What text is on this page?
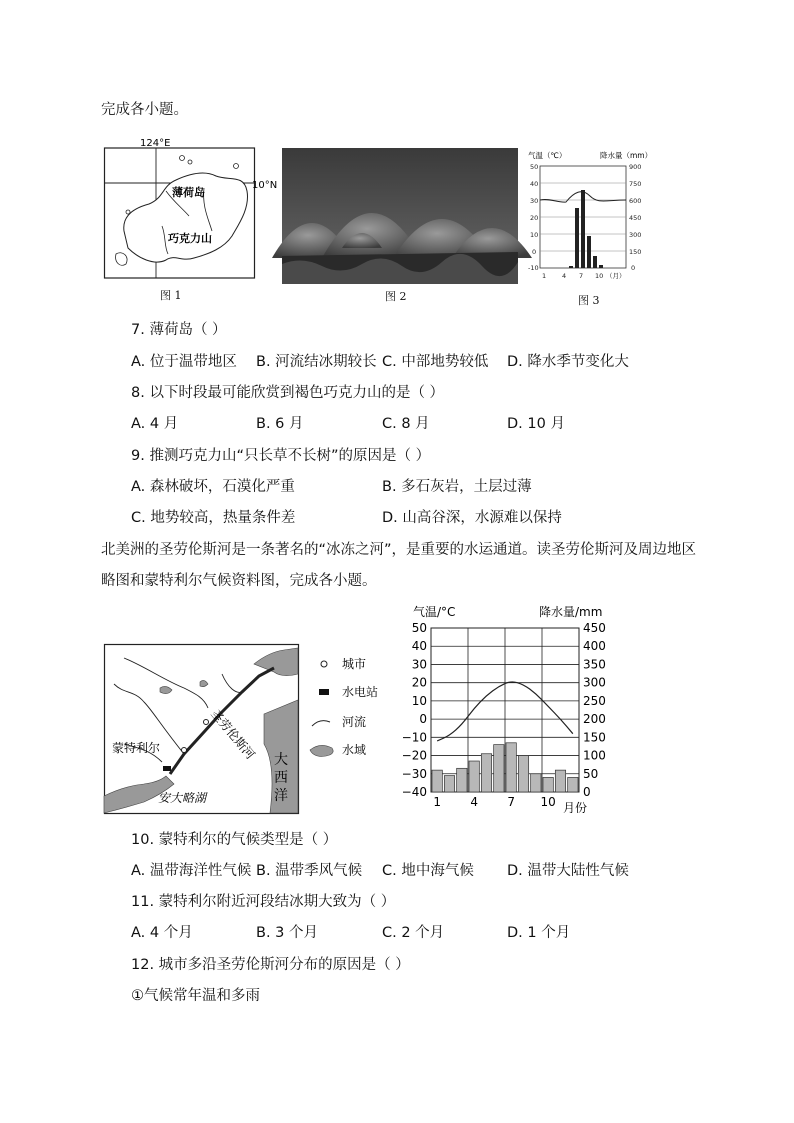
完成各小题。
124°E
10°N
薄荷岛
巧克力山
图 1	图 2
气温（℃）	降水量（mm）
50
40
30
20
10
0
-10
900
750
600
450
300
150
0
1 4 7 10 （月）
图 3
7. 薄荷岛（ ）
A. 位于温带地区 B. 河流结冰期较长 C. 中部地势较低 D. 降水季节变化大
8. 以下时段最可能欣赏到褐色巧克力山的是（ ）
A. 4 月	B. 6 月	C. 8 月	D. 10 月
9. 推测巧克力山“只长草不长树”的原因是（ ）
A. 森林破坏，石漠化严重	B. 多石灰岩，土层过薄
C. 地势较高，热量条件差	D. 山高谷深，水源难以保持
北美洲的圣劳伦斯河是一条著名的“冰冻之河”，是重要的水运通道。读圣劳伦斯河及周边地区
略图和蒙特利尔气候资料图，完成各小题。
蒙特利尔
圣
劳
伦
斯
河
安大略湖
大
西
洋
城市
水电站
河流
水域
气温/°C	降水量/mm
50	450
40	400
30	350
20	300
10	250
0	200
−10	150
−20	100
−30	50
−40	0
1 4 7 10 月份
10. 蒙特利尔的气候类型是（ ）
A. 温带海洋性气候 B. 温带季风气候 C. 地中海气候 D. 温带大陆性气候
11. 蒙特利尔附近河段结冰期大致为（ ）
A. 4 个月	B. 3 个月	C. 2 个月	D. 1 个月
12. 城市多沿圣劳伦斯河分布的原因是（ ）
①气候常年温和多雨
